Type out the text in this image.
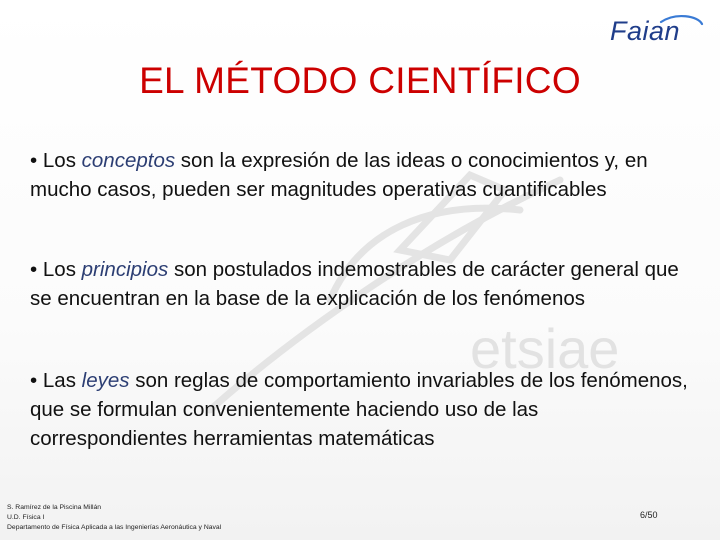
etsiae
Faian
EL MÉTODO CIENTÍFICO
• Los conceptos son la expresión de las ideas o conocimientos y, en mucho casos, pueden ser magnitudes operativas cuantificables
• Los principios son postulados indemostrables de carácter general que se encuentran en la base de la explicación de los fenómenos
• Las leyes son reglas de comportamiento invariables de los fenómenos, que se formulan convenientemente haciendo uso de las correspondientes herramientas matemáticas
S. Ramírez de la Piscina Millán
U.D. Física I
Departamento de Física Aplicada a las Ingenierías Aeronáutica y Naval
6/50
